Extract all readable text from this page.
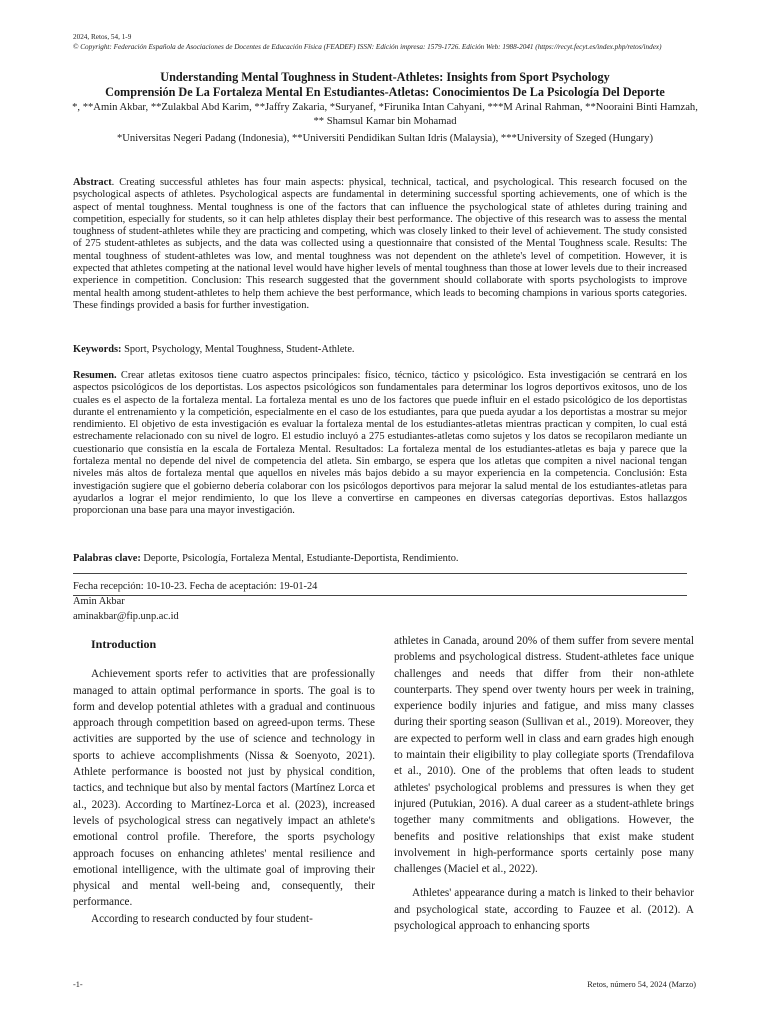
2024, Retos, 54, 1-9
© Copyright: Federación Española de Asociaciones de Docentes de Educación Física (FEADEF) ISSN: Edición impresa: 1579-1726. Edición Web: 1988-2041 (https://recyt.fecyt.es/index.php/retos/index)

Understanding Mental Toughness in Student-Athletes: Insights from Sport Psychology

Comprensión De La Fortaleza Mental En Estudiantes-Atletas: Conocimientos De La Psicología Del Deporte

*, **Amin Akbar, **Zulakbal Abd Karim, **Jaffry Zakaria, *Suryanef, *Firunika Intan Cahyani, ***M Arinal Rahman, **Nooraini Binti Hamzah, ** Shamsul Kamar bin Mohamad
*Universitas Negeri Padang (Indonesia), **Universiti Pendidikan Sultan Idris (Malaysia), ***University of Szeged (Hungary)
Abstract. Creating successful athletes has four main aspects: physical, technical, tactical, and psychological. This research focused on the psychological aspects of athletes. Psychological aspects are fundamental in determining successful sporting achievements, one of which is the aspect of mental toughness. Mental toughness is one of the factors that can influence the psychological state of athletes during training and competition, especially for students, so it can help athletes display their best performance. The objective of this research was to assess the mental toughness of student-athletes while they are practicing and competing, which was closely linked to their level of achievement. The study consisted of 275 student-athletes as subjects, and the data was collected using a questionnaire that consisted of the Mental Toughness scale. Results: The mental toughness of student-athletes was low, and mental toughness was not dependent on the athlete's level of competition. However, it is expected that athletes competing at the national level would have higher levels of mental toughness than those at lower levels due to their increased experience in competition. Conclusion: This research suggested that the government should collaborate with sports psychologists to improve mental health among student-athletes to help them achieve the best performance, which leads to becoming champions in various sports categories. These findings provided a basis for further investigation.
Keywords: Sport, Psychology, Mental Toughness, Student-Athlete.
Resumen. Crear atletas exitosos tiene cuatro aspectos principales: físico, técnico, táctico y psicológico. Esta investigación se centrará en los aspectos psicológicos de los deportistas. Los aspectos psicológicos son fundamentales para determinar los logros deportivos exitosos, uno de los cuales es el aspecto de la fortaleza mental. La fortaleza mental es uno de los factores que puede influir en el estado psicológico de los deportistas durante el entrenamiento y la competición, especialmente en el caso de los estudiantes, para que pueda ayudar a los deportistas a mostrar su mejor rendimiento. El objetivo de esta investigación es evaluar la fortaleza mental de los estudiantes-atletas mientras practican y compiten, lo cual está estrechamente relacionado con su nivel de logro. El estudio incluyó a 275 estudiantes-atletas como sujetos y los datos se recopilaron mediante un cuestionario que consistía en la escala de Fortaleza Mental. Resultados: La fortaleza mental de los estudiantes-atletas es baja y parece que la fortaleza mental no depende del nivel de competencia del atleta. Sin embargo, se espera que los atletas que compiten a nivel nacional tengan niveles más altos de fortaleza mental que aquellos en niveles más bajos debido a su mayor experiencia en la competencia. Conclusión: Esta investigación sugiere que el gobierno debería colaborar con los psicólogos deportivos para mejorar la salud mental de los estudiantes-atletas para ayudarlos a lograr el mejor rendimiento, lo que los lleve a convertirse en campeones en diversas categorías deportivas. Estos hallazgos proporcionan una base para una mayor investigación.
Palabras clave: Deporte, Psicología, Fortaleza Mental, Estudiante-Deportista, Rendimiento.
Fecha recepción: 10-10-23. Fecha de aceptación: 19-01-24
Amin Akbar
aminakbar@fip.unp.ac.id
Introduction

Achievement sports refer to activities that are professionally managed to attain optimal performance in sports. The goal is to form and develop potential athletes with a gradual and continuous approach through competition based on agreed-upon terms. These activities are supported by the use of science and technology in sports to achieve accomplishments (Nissa & Soenyoto, 2021). Athlete performance is boosted not just by physical condition, tactics, and technique but also by mental factors (Martínez Lorca et al., 2023). According to Martínez-Lorca et al. (2023), increased levels of psychological stress can negatively impact an athlete's emotional control profile. Therefore, the sports psychology approach focuses on enhancing athletes' mental resilience and emotional intelligence, with the ultimate goal of improving their physical and mental well-being and, consequently, their performance.

According to research conducted by four student-

athletes in Canada, around 20% of them suffer from severe mental problems and psychological distress. Student-athletes face unique challenges and needs that differ from their non-athlete counterparts. They spend over twenty hours per week in training, experience bodily injuries and fatigue, and miss many classes during their sporting season (Sullivan et al., 2019). Moreover, they are expected to perform well in class and earn grades high enough to maintain their eligibility to play collegiate sports (Trendafilova et al., 2010). One of the problems that often leads to student athletes' psychological problems and pressures is when they get injured (Putukian, 2016). A dual career as a student-athlete brings together many commitments and obligations. However, the benefits and positive relationships that exist make student involvement in high-performance sports certainly pose many challenges (Maciel et al., 2022).

Athletes' appearance during a match is linked to their behavior and psychological state, according to Fauzee et al. (2012). A psychological approach to enhancing sports

-1-	Retos, número 54, 2024 (Marzo)
